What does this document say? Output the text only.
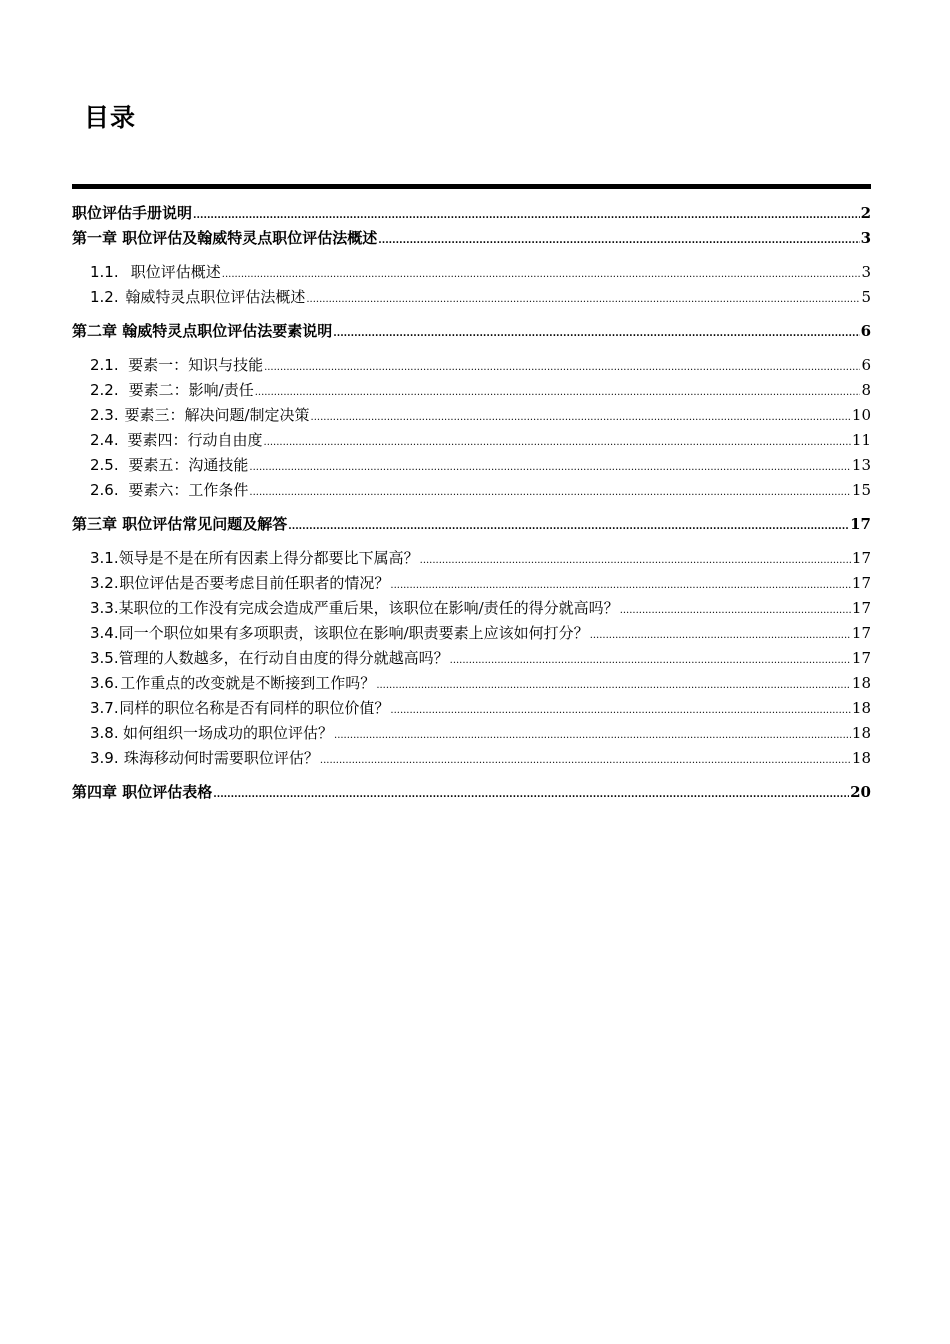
目录
职位评估手册说明 .....	2
第一章 职位评估及翰威特灵点职位评估法概述 .....	3
1.1. 职位评估概述 .....	3
1.2. 翰威特灵点职位评估法概述 .....	5
第二章 翰威特灵点职位评估法要素说明 .....	6
2.1. 要素一：知识与技能 .....	6
2.2. 要素二：影响/责任 .....	8
2.3. 要素三：解决问题/制定决策 .....	10
2.4. 要素四：行动自由度 .....	11
2.5. 要素五：沟通技能 .....	13
2.6. 要素六：工作条件 .....	15
第三章 职位评估常见问题及解答 .....	17
3.1. 领导是不是在所有因素上得分都要比下属高？ .....	17
3.2. 职位评估是否要考虑目前任职者的情况？ .....	17
3.3. 某职位的工作没有完成会造成严重后果，该职位在影响/责任的得分就高吗？ .....	17
3.4. 同一个职位如果有多项职责，该职位在影响/职责要素上应该如何打分？ .....	17
3.5. 管理的人数越多，在行动自由度的得分就越高吗？ .....	17
3.6. 工作重点的改变就是不断接到工作吗？ .....	18
3.7. 同样的职位名称是否有同样的职位价值？ .....	18
3.8. 如何组织一场成功的职位评估？ .....	18
3.9. 珠海移动何时需要职位评估？ .....	18
第四章 职位评估表格 .....	20
